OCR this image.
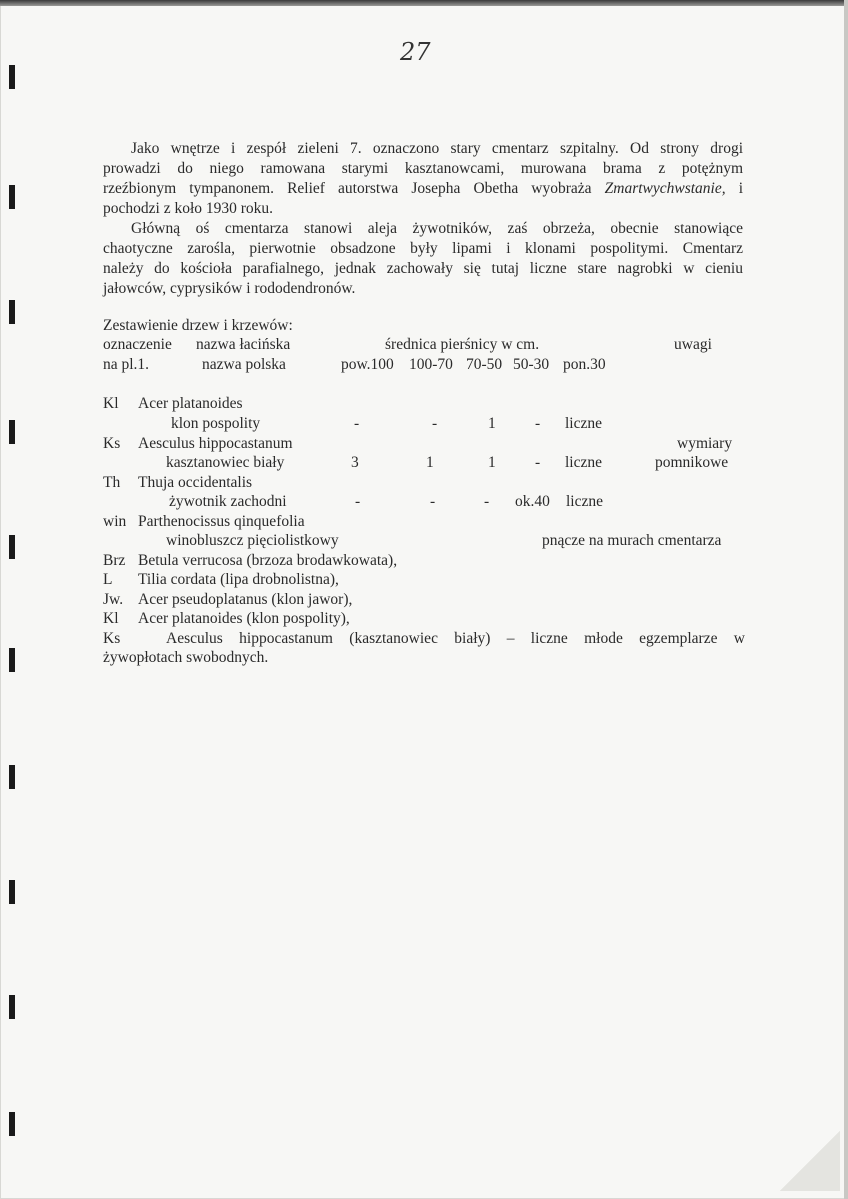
27
Jako wnętrze i zespół zieleni 7. oznaczono stary cmentarz szpitalny. Od strony drogi
prowadzi do niego ramowana starymi kasztanowcami, murowana brama z potężnym
rzeźbionym tympanonem. Relief autorstwa Josepha Obetha wyobraża Zmartwychwstanie, i
pochodzi z koło 1930 roku.
Główną oś cmentarza stanowi aleja żywotników, zaś obrzeża, obecnie stanowiące
chaotyczne zarośla, pierwotnie obsadzone były lipami i klonami pospolitymi. Cmentarz
należy do kościoła parafialnego, jednak zachowały się tutaj liczne stare nagrobki w cieniu
jałowców, cyprysików i rododendronów.
Zestawienie drzew i krzewów:
oznaczenie nazwa łacińska	średnica pierśnicy w cm.	uwagi
na pl.1.	nazwa polska	pow.100 100-70 70-50 50-30 pon.30
Kl Acer platanoides
klon pospolity	-	-	1	- liczne
Ks Aesculus hippocastanum	wymiary
kasztanowiec biały	3	1	1	- liczne	pomnikowe
Th Thuja occidentalis
żywotnik zachodni	-	-	- ok.40 liczne
win Parthenocissus qinquefolia
winobluszcz pięciolistkowy	pnącze na murach cmentarza
Brz Betula verrucosa (brzoza brodawkowata),
L Tilia cordata (lipa drobnolistna),
Jw. Acer pseudoplatanus (klon jawor),
Kl Acer platanoides (klon pospolity),
Ks	Aesculus hippocastanum (kasztanowiec biały) – liczne młode egzemplarze w
żywopłotach swobodnych.
